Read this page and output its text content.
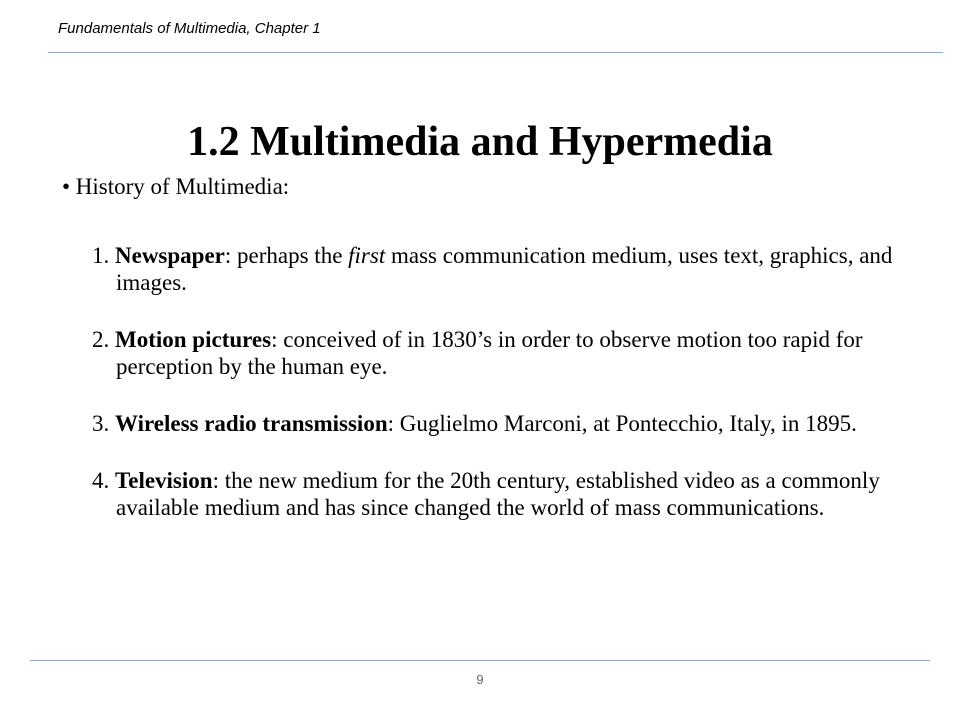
Fundamentals of Multimedia, Chapter 1
1.2 Multimedia and Hypermedia
• History of Multimedia:
1. Newspaper: perhaps the first mass communication medium, uses text, graphics, and images.
2. Motion pictures: conceived of in 1830’s in order to observe motion too rapid for perception by the human eye.
3. Wireless radio transmission: Guglielmo Marconi, at Pontecchio, Italy, in 1895.
4. Television: the new medium for the 20th century, established video as a commonly available medium and has since changed the world of mass communications.
9
